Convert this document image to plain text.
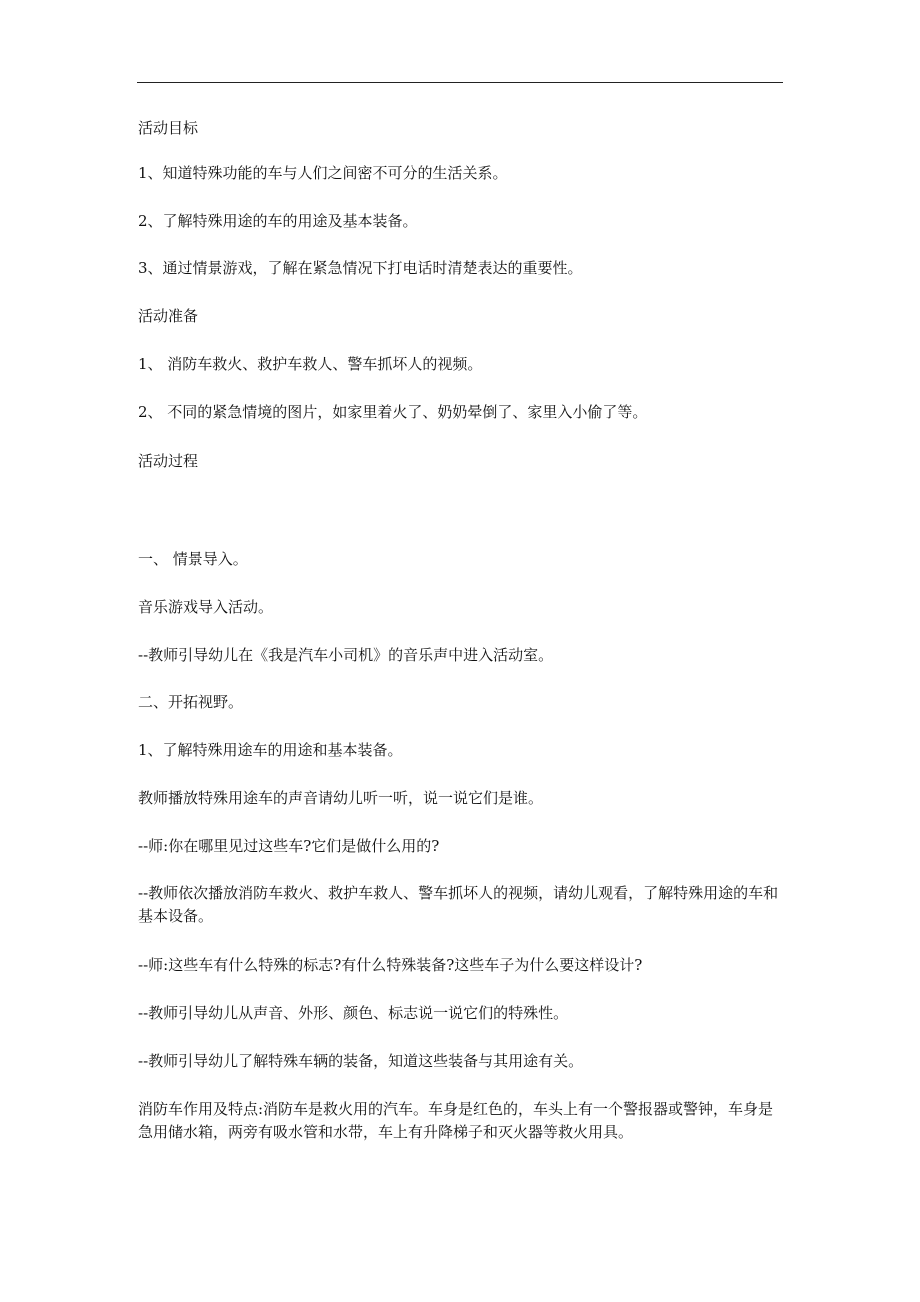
活动目标
1、知道特殊功能的车与人们之间密不可分的生活关系。
2、了解特殊用途的车的用途及基本装备。
3、通过情景游戏，了解在紧急情况下打电话时清楚表达的重要性。
活动准备
1、 消防车救火、救护车救人、警车抓坏人的视频。
2、 不同的紧急情境的图片，如家里着火了、奶奶晕倒了、家里入小偷了等。
活动过程
一、 情景导入。
音乐游戏导入活动。
--教师引导幼儿在《我是汽车小司机》的音乐声中进入活动室。
二、开拓视野。
1、了解特殊用途车的用途和基本装备。
教师播放特殊用途车的声音请幼儿听一听，说一说它们是谁。
--师:你在哪里见过这些车?它们是做什么用的?
--教师依次播放消防车救火、救护车救人、警车抓坏人的视频，请幼儿观看，了解特殊用途的车和基本设备。
--师:这些车有什么特殊的标志?有什么特殊装备?这些车子为什么要这样设计?
--教师引导幼儿从声音、外形、颜色、标志说一说它们的特殊性。
--教师引导幼儿了解特殊车辆的装备，知道这些装备与其用途有关。
消防车作用及特点:消防车是救火用的汽车。车身是红色的，车头上有一个警报器或警钟，车身是急用储水箱，两旁有吸水管和水带，车上有升降梯子和灭火器等救火用具。
